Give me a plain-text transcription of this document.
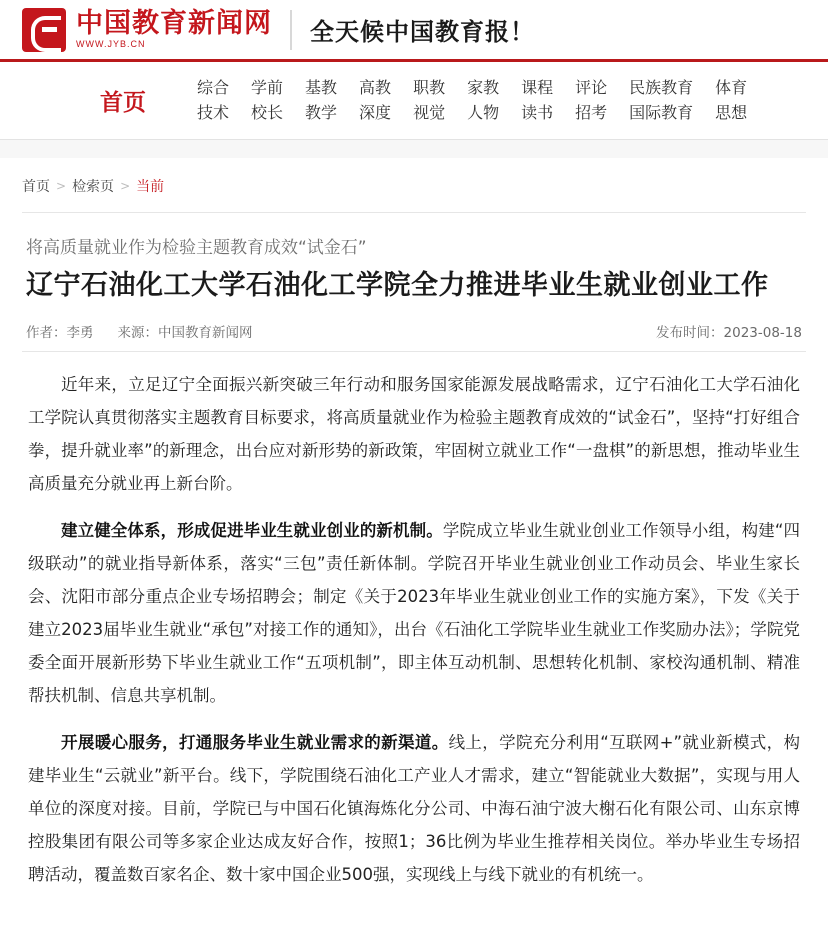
中国教育新闻网
WWW.JYB.CN	全天候中国教育报！
首页
综合
技术
学前
校长
基教
教学
高教
深度
职教
视觉
家教
人物
课程
读书
评论
招考
民族教育
国际教育
体育
思想
首页 > 检索页 > 当前
将高质量就业作为检验主题教育成效“试金石”
辽宁石油化工大学石油化工学院全力推进毕业生就业创业工作
作者：李勇 来源：中国教育新闻网	发布时间：2023-08-18

近年来，立足辽宁全面振兴新突破三年行动和服务国家能源发展战略需求，辽宁石油化工大学石油化工学院认真贯彻落实主题教育目标要求，将高质量就业作为检验主题教育成效的“试金石”，坚持“打好组合拳，提升就业率”的新理念，出台应对新形势的新政策，牢固树立就业工作“一盘棋”的新思想，推动毕业生高质量充分就业再上新台阶。

建立健全体系，形成促进毕业生就业创业的新机制。学院成立毕业生就业创业工作领导小组，构建“四级联动”的就业指导新体系，落实“三包”责任新体制。学院召开毕业生就业创业工作动员会、毕业生家长会、沈阳市部分重点企业专场招聘会；制定《关于2023年毕业生就业创业工作的实施方案》，下发《关于建立2023届毕业生就业“承包”对接工作的通知》，出台《石油化工学院毕业生就业工作奖励办法》；学院党委全面开展新形势下毕业生就业工作“五项机制”，即主体互动机制、思想转化机制、家校沟通机制、精准帮扶机制、信息共享机制。

开展暖心服务，打通服务毕业生就业需求的新渠道。线上，学院充分利用“互联网+”就业新模式，构建毕业生“云就业”新平台。线下，学院围绕石油化工产业人才需求，建立“智能就业大数据”，实现与用人单位的深度对接。目前，学院已与中国石化镇海炼化分公司、中海石油宁波大榭石化有限公司、山东京博控股集团有限公司等多家企业达成友好合作，按照1；36比例为毕业生推荐相关岗位。举办毕业生专场招聘活动，覆盖数百家名企、数十家中国企业500强，实现线上与线下就业的有机统一。
